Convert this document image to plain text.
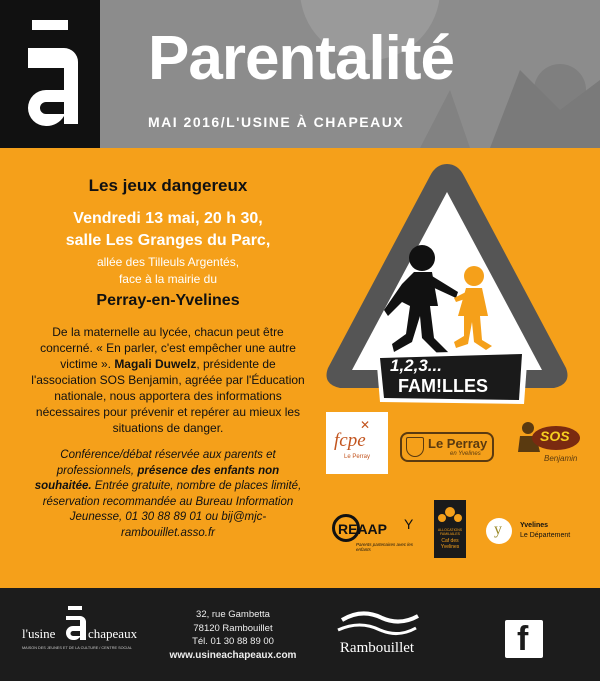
Parentalité
MAI 2016/L'USINE À CHAPEAUX
Les jeux dangereux
Vendredi 13 mai, 20 h 30,
salle Les Granges du Parc,
allée des Tilleuls Argentés,
face à la mairie du
Perray-en-Yvelines

De la maternelle au lycée, chacun peut être concerné. « En parler, c'est empêcher une autre victime ». Magali Duwelz, présidente de l'association SOS Benjamin, agréée par l'Éducation nationale, nous apportera des informations nécessaires pour prévenir et repérer au mieux les situations de danger.

Conférence/débat réservée aux parents et professionnels, présence des enfants non souhaitée. Entrée gratuite, nombre de places limité, réservation recommandée au Bureau Information Jeunesse, 01 30 88 89 01 ou bij@mjc-rambouillet.asso.fr

1,2,3...
FAM!LLES
fcpe
Le Perray
✕
Le Perray
en Yvelines
SOS
Benjamin
REAAP
Parents partenaires avec les enfants
Y	ALLOCATIONS FAMILIALES
Caf des Yvelines
y	Yvelines
Le Département
l'usine	chapeaux
MAISON DES JEUNES ET DE LA CULTURE / CENTRE SOCIAL
32, rue Gambetta
78120 Rambouillet
Tél. 01 30 88 89 00
www.usineachapeaux.com	Rambouillet	f
